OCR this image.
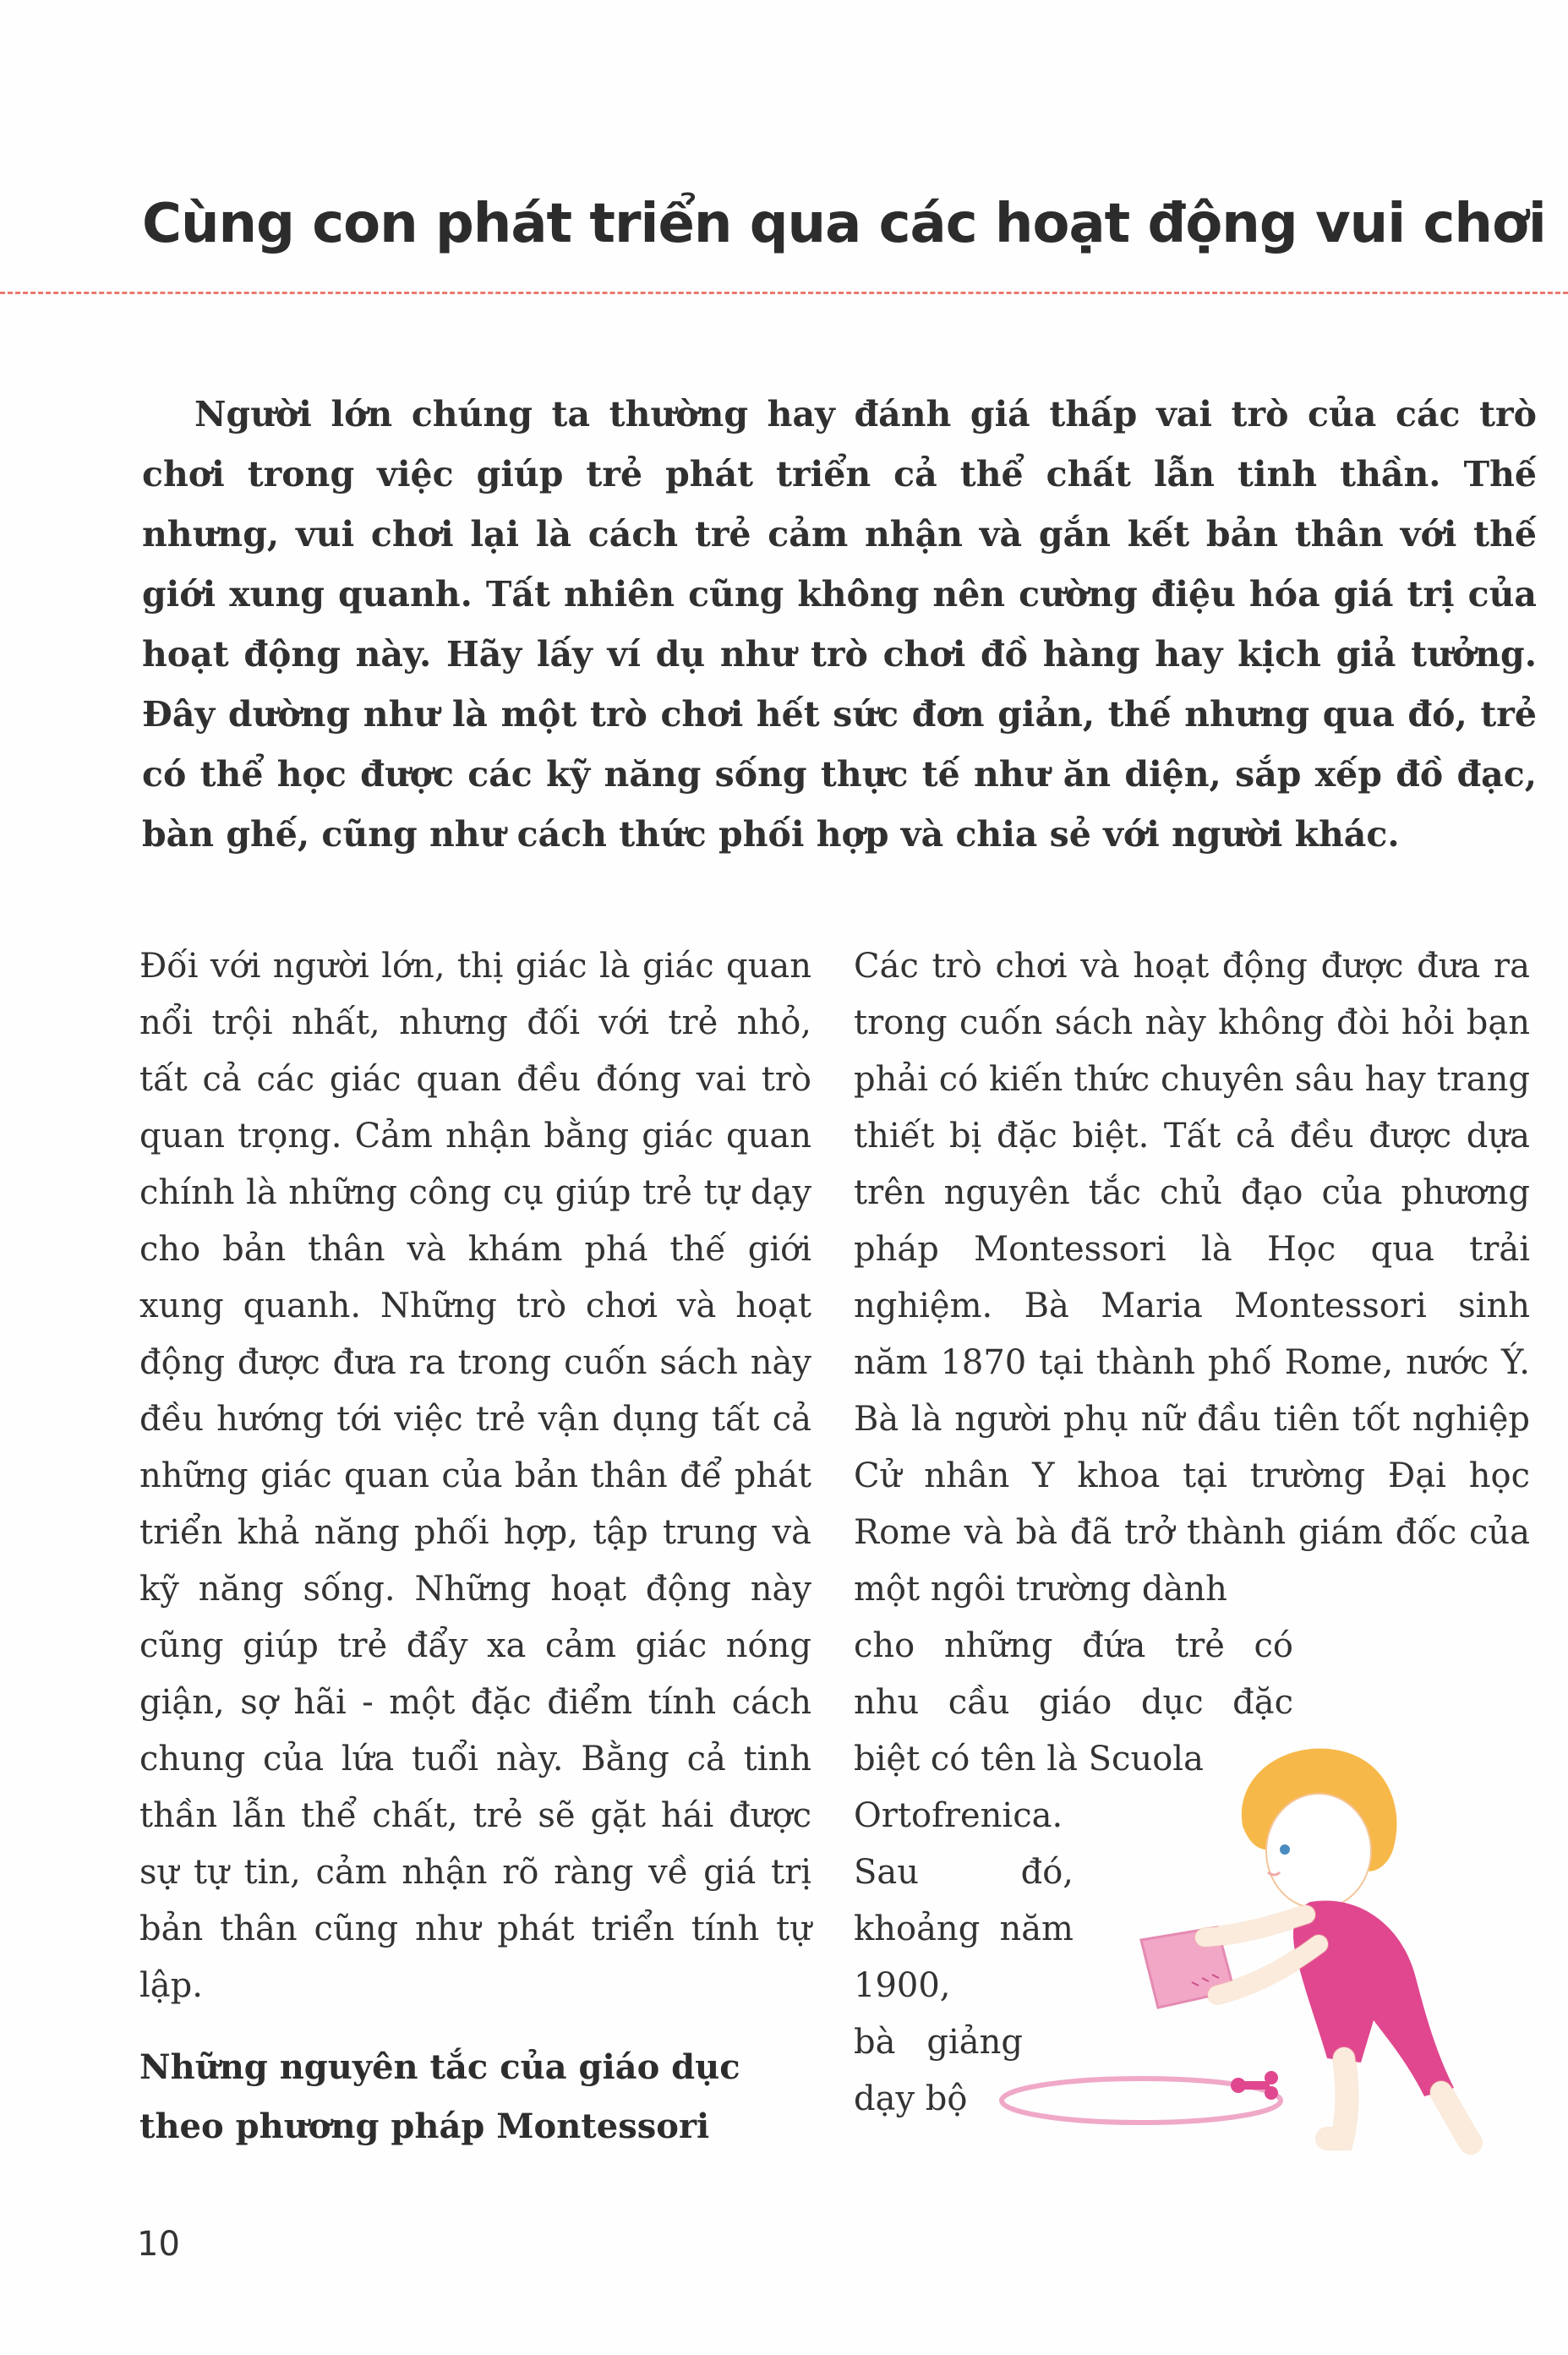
Cùng con phát triển qua các hoạt động vui chơi

Người lớn chúng ta thường hay đánh giá thấp vai trò của các trò chơi trong việc giúp trẻ phát triển cả thể chất lẫn tinh thần. Thế nhưng, vui chơi lại là cách trẻ cảm nhận và gắn kết bản thân với thế giới xung quanh. Tất nhiên cũng không nên cường điệu hóa giá trị của hoạt động này. Hãy lấy ví dụ như trò chơi đồ hàng hay kịch giả tưởng. Đây dường như là một trò chơi hết sức đơn giản, thế nhưng qua đó, trẻ có thể học được các kỹ năng sống thực tế như ăn diện, sắp xếp đồ đạc, bàn ghế, cũng như cách thức phối hợp và chia sẻ với người khác.

Đối với người lớn, thị giác là giác quan nổi trội nhất, nhưng đối với trẻ nhỏ, tất cả các giác quan đều đóng vai trò quan trọng. Cảm nhận bằng giác quan chính là những công cụ giúp trẻ tự dạy cho bản thân và khám phá thế giới xung quanh. Những trò chơi và hoạt động được đưa ra trong cuốn sách này đều hướng tới việc trẻ vận dụng tất cả những giác quan của bản thân để phát triển khả năng phối hợp, tập trung và kỹ năng sống. Những hoạt động này cũng giúp trẻ đẩy xa cảm giác nóng giận, sợ hãi - một đặc điểm tính cách chung của lứa tuổi này. Bằng cả tinh thần lẫn thể chất, trẻ sẽ gặt hái được sự tự tin, cảm nhận rõ ràng về giá trị bản thân cũng như phát triển tính tự lập.

Những nguyên tắc của giáo dục theo phương pháp Montessori

Các trò chơi và hoạt động được đưa ra trong cuốn sách này không đòi hỏi bạn phải có kiến thức chuyên sâu hay trang thiết bị đặc biệt. Tất cả đều được dựa trên nguyên tắc chủ đạo của phương pháp Montessori là Học qua trải nghiệm. Bà Maria Montessori sinh năm 1870 tại thành phố Rome, nước Ý. Bà là người phụ nữ đầu tiên tốt nghiệp Cử nhân Y khoa tại trường Đại học Rome và bà đã trở thành giám đốc của một ngôi trường dành

cho những đứa trẻ có nhu cầu giáo dục đặc biệt có tên là Scuola

Ortofrenica. Sau đó, khoảng năm 1900,

bà giảng dạy bộ

10
